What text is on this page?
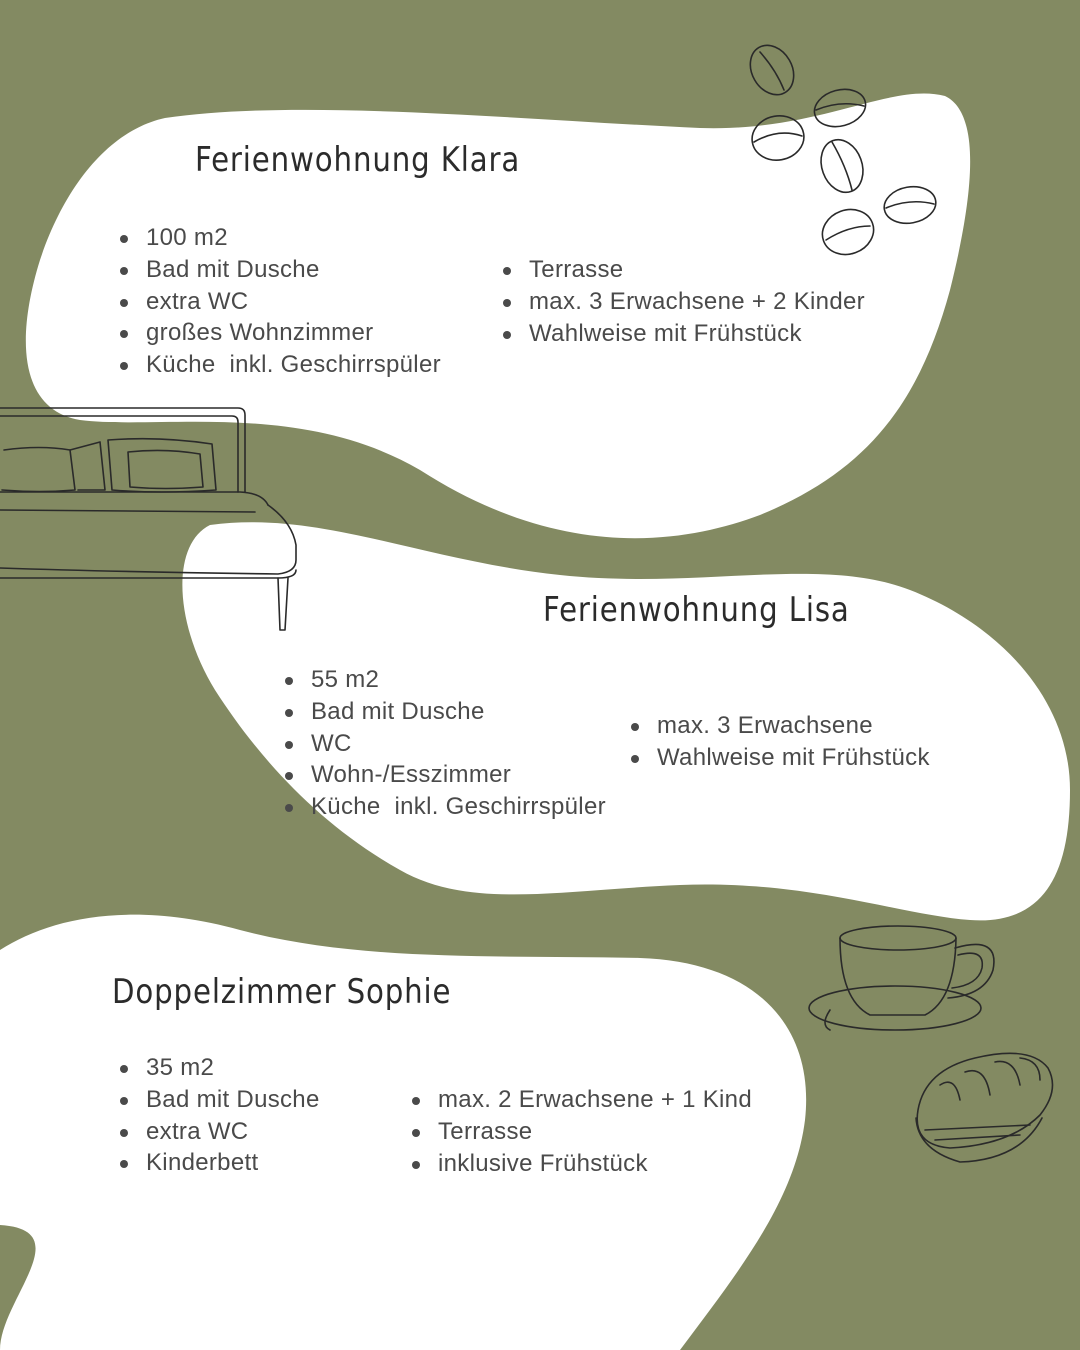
Ferienwohnung Klara
100 m2
Bad mit Dusche
extra WC
großes Wohnzimmer
Küche  inkl. Geschirrspüler
Terrasse
max. 3 Erwachsene + 2 Kinder
Wahlweise mit Frühstück
Ferienwohnung Lisa
55 m2
Bad mit Dusche
WC
Wohn-/Esszimmer
Küche  inkl. Geschirrspüler
max. 3 Erwachsene
Wahlweise mit Frühstück
Doppelzimmer Sophie
35 m2
Bad mit Dusche
extra WC
Kinderbett
max. 2 Erwachsene + 1 Kind
Terrasse
inklusive Frühstück
